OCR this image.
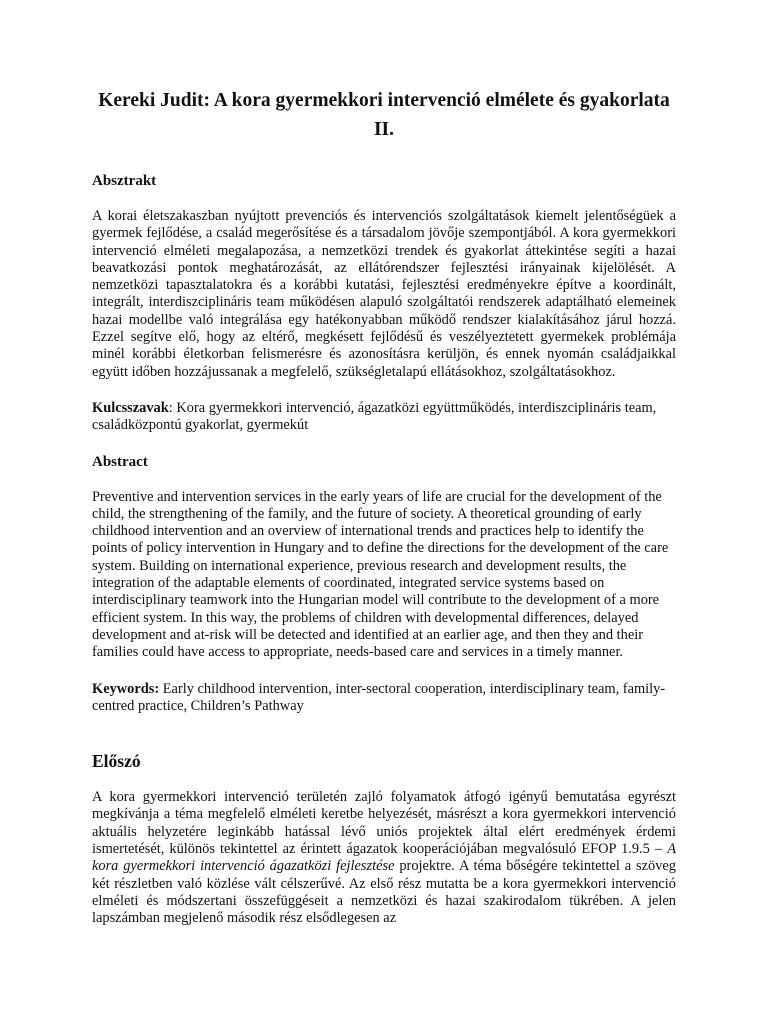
Kereki Judit: A kora gyermekkori intervenció elmélete és gyakorlata II.
Absztrakt

A korai életszakaszban nyújtott prevenciós és intervenciós szolgáltatások kiemelt jelentőségüek a gyermek fejlődése, a család megerősítése és a társadalom jövője szempontjából. A kora gyermekkori intervenció elméleti megalapozása, a nemzetközi trendek és gyakorlat áttekintése segíti a hazai beavatkozási pontok meghatározását, az ellátórendszer fejlesztési irányainak kijelölését. A nemzetközi tapasztalatokra és a korábbi kutatási, fejlesztési eredményekre építve a koordinált, integrált, interdiszciplináris team működésen alapuló szolgáltatói rendszerek adaptálható elemeinek hazai modellbe való integrálása egy hatékonyabban működő rendszer kialakításához járul hozzá. Ezzel segítve elő, hogy az eltérő, megkésett fejlődésű és veszélyeztetett gyermekek problémája minél korábbi életkorban felismerésre és azonosításra kerüljön, és ennek nyomán családjaikkal együtt időben hozzájussanak a megfelelő, szükségletalapú ellátásokhoz, szolgáltatásokhoz.

Kulcsszavak: Kora gyermekkori intervenció, ágazatközi együttműködés, interdiszciplináris team, családközpontú gyakorlat, gyermekút

Abstract

Preventive and intervention services in the early years of life are crucial for the development of the child, the strengthening of the family, and the future of society. A theoretical grounding of early childhood intervention and an overview of international trends and practices help to identify the points of policy intervention in Hungary and to define the directions for the development of the care system. Building on international experience, previous research and development results, the integration of the adaptable elements of coordinated, integrated service systems based on interdisciplinary teamwork into the Hungarian model will contribute to the development of a more efficient system. In this way, the problems of children with developmental differences, delayed development and at-risk will be detected and identified at an earlier age, and then they and their families could have access to appropriate, needs-based care and services in a timely manner.

Keywords: Early childhood intervention, inter-sectoral cooperation, interdisciplinary team, family-centred practice, Children’s Pathway

Előszó

A kora gyermekkori intervenció területén zajló folyamatok átfogó igényű bemutatása egyrészt megkívánja a téma megfelelő elméleti keretbe helyezését, másrészt a kora gyermekkori intervenció aktuális helyzetére leginkább hatással lévő uniós projektek által elért eredmények érdemi ismertetését, különös tekintettel az érintett ágazatok kooperációjában megvalósuló EFOP 1.9.5 – A kora gyermekkori intervenció ágazatközi fejlesztése projektre. A téma bőségére tekintettel a szöveg két részletben való közlése vált célszerűvé. Az első rész mutatta be a kora gyermekkori intervenció elméleti és módszertani összefüggéseit a nemzetközi és hazai szakirodalom tükrében. A jelen lapszámban megjelenő második rész elsődlegesen az
